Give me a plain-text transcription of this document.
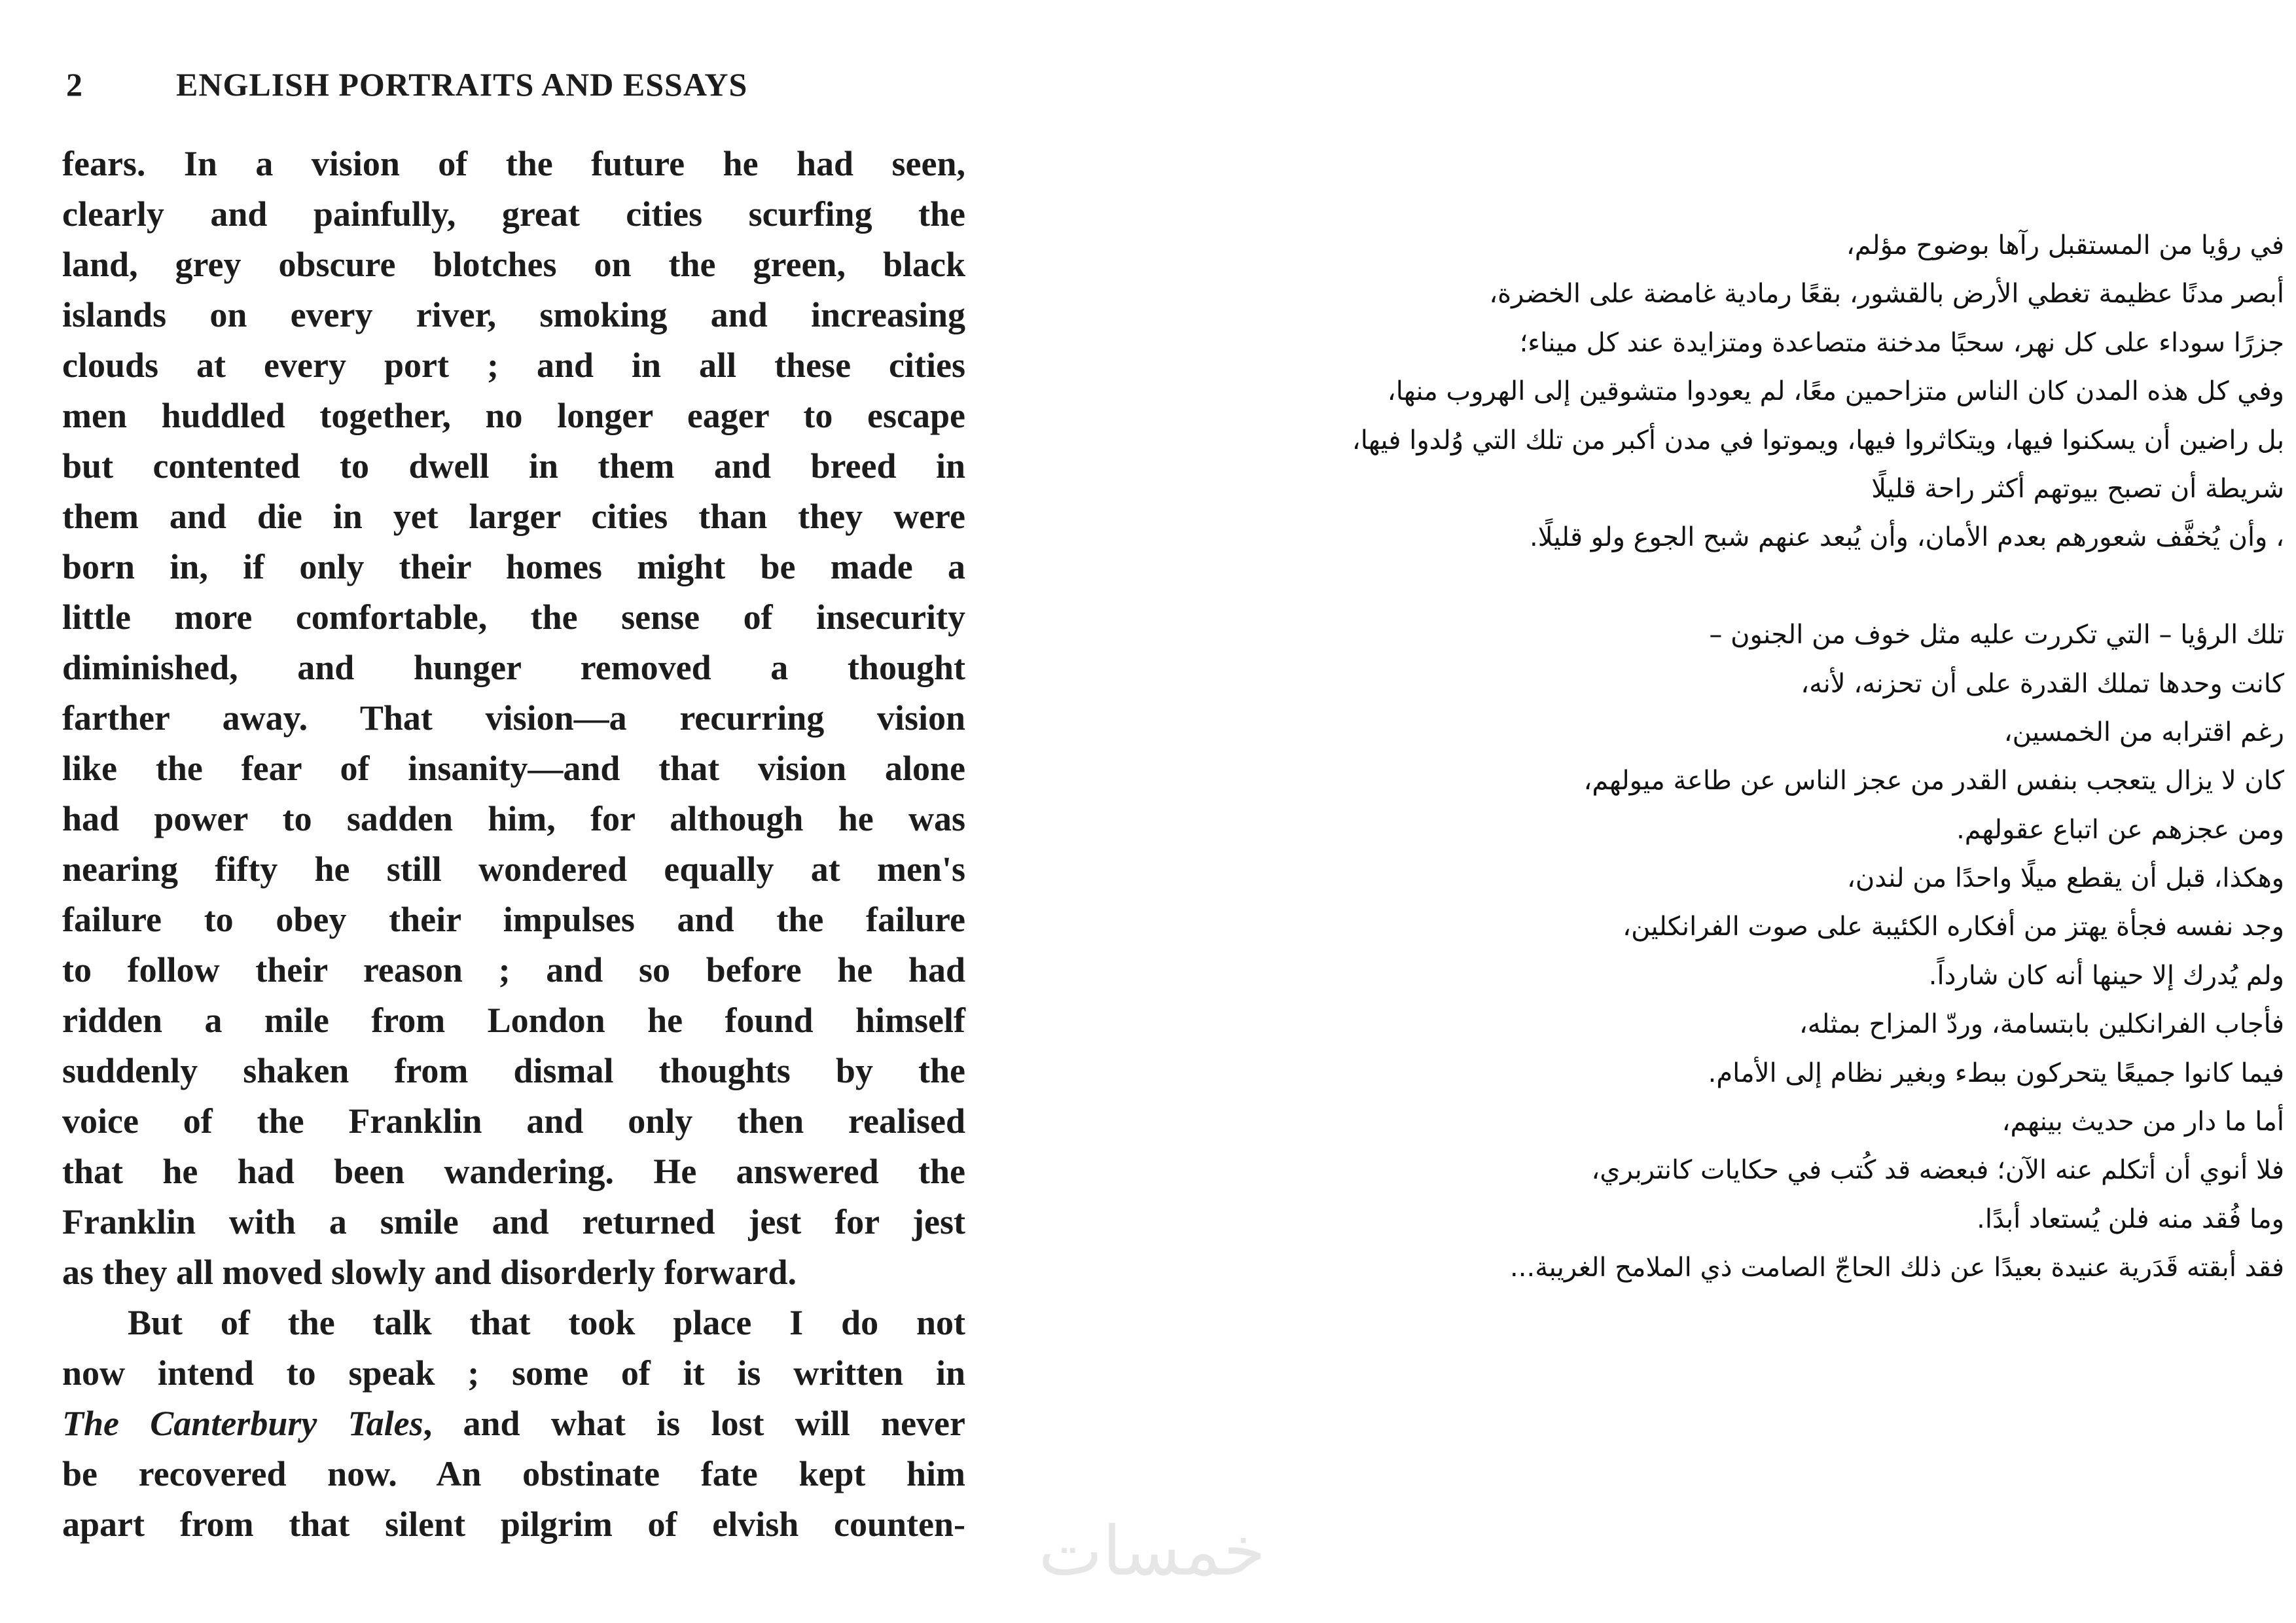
2	ENGLISH PORTRAITS AND ESSAYS
fears. In a vision of the future he had seen,
clearly and painfully, great cities scurfing the
land, grey obscure blotches on the green, black
islands on every river, smoking and increasing
clouds at every port ; and in all these cities
men huddled together, no longer eager to escape
but contented to dwell in them and breed in
them and die in yet larger cities than they were
born in, if only their homes might be made a
little more comfortable, the sense of insecurity
diminished, and hunger removed a thought
farther away. That vision—a recurring vision
like the fear of insanity—and that vision alone
had power to sadden him, for although he was
nearing fifty he still wondered equally at men's
failure to obey their impulses and the failure
to follow their reason ; and so before he had
ridden a mile from London he found himself
suddenly shaken from dismal thoughts by the
voice of the Franklin and only then realised
that he had been wandering. He answered the
Franklin with a smile and returned jest for jest
as they all moved slowly and disorderly forward.
But of the talk that took place I do not
now intend to speak ; some of it is written in
The Canterbury Tales, and what is lost will never
be recovered now. An obstinate fate kept him
apart from that silent pilgrim of elvish counten-
في رؤيا من المستقبل رآها بوضوح مؤلم،
أبصر مدنًا عظيمة تغطي الأرض بالقشور، بقعًا رمادية غامضة على الخضرة،
جزرًا سوداء على كل نهر، سحبًا مدخنة متصاعدة ومتزايدة عند كل ميناء؛
وفي كل هذه المدن كان الناس متزاحمين معًا، لم يعودوا متشوقين إلى الهروب منها،
بل راضين أن يسكنوا فيها، ويتكاثروا فيها، ويموتوا في مدن أكبر من تلك التي وُلدوا فيها،
شريطة أن تصبح بيوتهم أكثر راحة قليلًا
، وأن يُخفَّف شعورهم بعدم الأمان، وأن يُبعد عنهم شبح الجوع ولو قليلًا.
تلك الرؤيا – التي تكررت عليه مثل خوف من الجنون –
كانت وحدها تملك القدرة على أن تحزنه، لأنه،
رغم اقترابه من الخمسين،
كان لا يزال يتعجب بنفس القدر من عجز الناس عن طاعة ميولهم،
ومن عجزهم عن اتباع عقولهم.
وهكذا، قبل أن يقطع ميلًا واحدًا من لندن،
وجد نفسه فجأة يهتز من أفكاره الكئيبة على صوت الفرانكلين،
ولم يُدرك إلا حينها أنه كان شارداً.
فأجاب الفرانكلين بابتسامة، وردّ المزاح بمثله،
فيما كانوا جميعًا يتحركون ببطء وبغير نظام إلى الأمام.
أما ما دار من حديث بينهم،
فلا أنوي أن أتكلم عنه الآن؛ فبعضه قد كُتب في حكايات كانتربري،
وما فُقد منه فلن يُستعاد أبدًا.
فقد أبقته قَدَرية عنيدة بعيدًا عن ذلك الحاجّ الصامت ذي الملامح الغريبة...
خمسات
